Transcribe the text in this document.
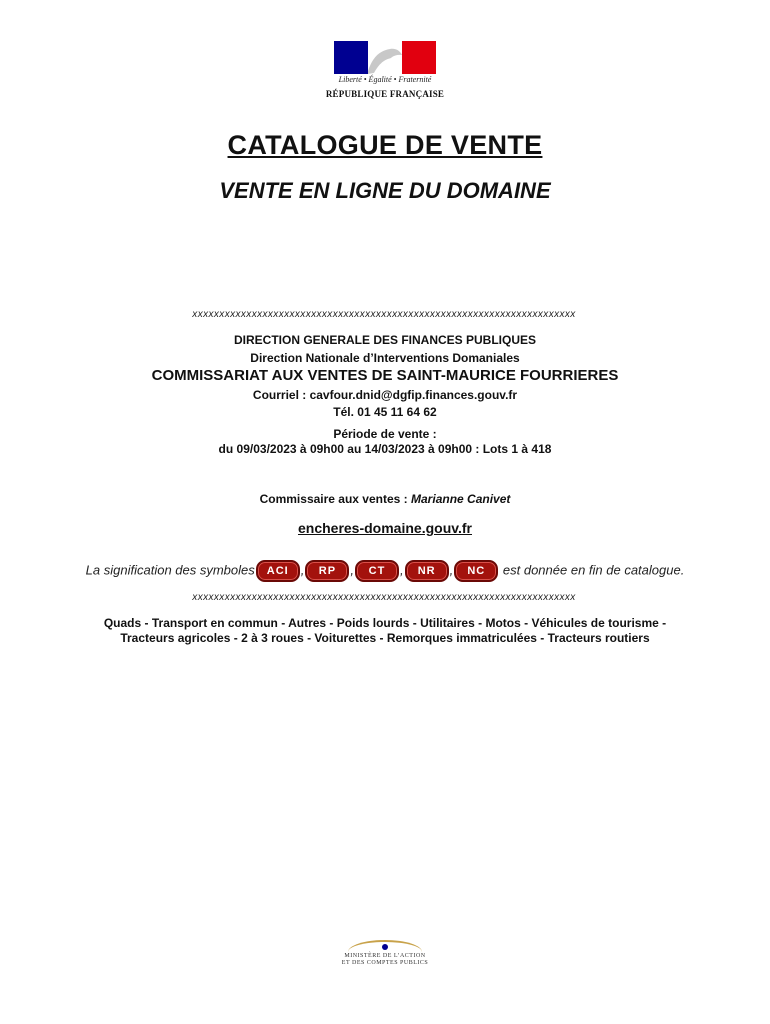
Liberté • Égalité • Fraternité
RÉPUBLIQUE FRANÇAISE
CATALOGUE DE VENTE
VENTE EN LIGNE DU DOMAINE
xxxxxxxxxxxxxxxxxxxxxxxxxxxxxxxxxxxxxxxxxxxxxxxxxxxxxxxxxxxxxxxxxxxxxxx
DIRECTION GENERALE DES FINANCES PUBLIQUES
Direction Nationale d’Interventions Domaniales
COMMISSARIAT AUX VENTES DE SAINT-MAURICE FOURRIERES
Courriel : cavfour.dnid@dgfip.finances.gouv.fr
Tél. 01 45 11 64 62
Période de vente :
du 09/03/2023 à 09h00 au 14/03/2023 à 09h00 : Lots 1 à 418
Commissaire aux ventes : Marianne Canivet
encheres-domaine.gouv.fr
La signification des symboles ACI , RP , CT , NR , NC est donnée en fin de catalogue.
xxxxxxxxxxxxxxxxxxxxxxxxxxxxxxxxxxxxxxxxxxxxxxxxxxxxxxxxxxxxxxxxxxxxxxx
Quads - Transport en commun - Autres - Poids lourds - Utilitaires - Motos - Véhicules de tourisme -
Tracteurs agricoles - 2 à 3 roues - Voiturettes - Remorques immatriculées - Tracteurs routiers
MINISTÈRE DE L’ACTION
ET DES COMPTES PUBLICS
